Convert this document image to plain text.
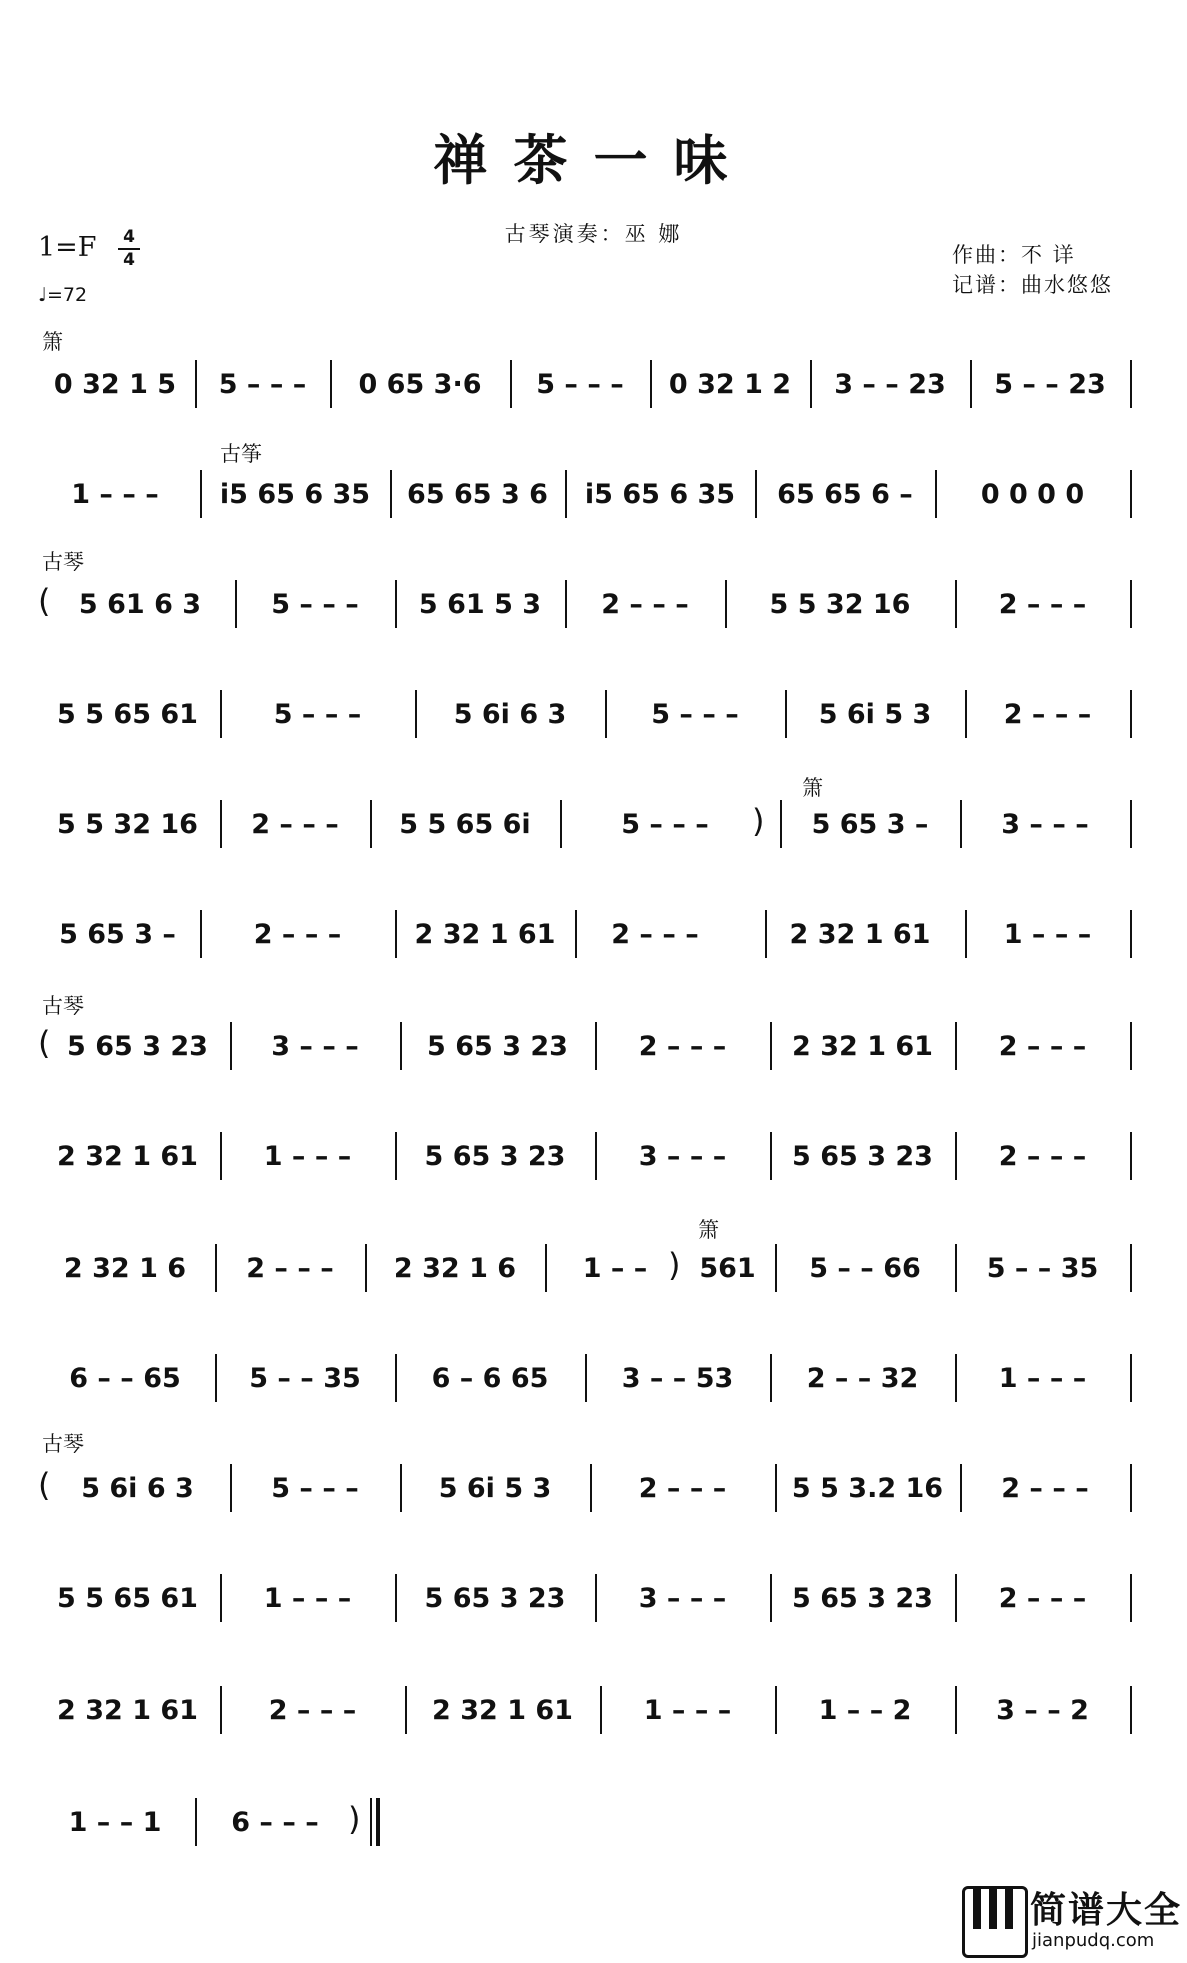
禅茶一味
古琴演奏：巫 娜
1=F 4
4
♩=72
作曲：不 详
记谱：曲水悠悠
箫
古筝
古琴
箫
古琴
箫
古琴
0 32 1 5	5 – – –	0 65 3·6	5 – – –	0 32 1 2	3 – – 23	5 – – 23
1 – – –	i5 65 6 35	65 65 3 6	i5 65 6 35	65 65 6 –	0 0 0 0
(	5 61 6 3	5 – – –	5 61 5 3	2 – – –	5 5 32 16	2 – – –
5 5 65 61	5 – – –	5 6i 6 3	5 – – –	5 6i 5 3	2 – – –
5 5 32 16	2 – – –	5 5 65 6i	5 – – –	)	5 65 3 –	3 – – –
5 65 3 –	2 – – –	2 32 1 61	2 – – –	2 32 1 61	1 – – –
( 5 65 3 23	3 – – –	5 65 3 23	2 – – –	2 32 1 61	2 – – –
2 32 1 61	1 – – –	5 65 3 23	3 – – –	5 65 3 23	2 – – –
2 32 1 6	2 – – –	2 32 1 6	1 – – ) 561	5 – – 66	5 – – 35
6 – – 65	5 – – 35	6 – 6 65	3 – – 53	2 – – 32	1 – – –
(	5 6i 6 3	5 – – –	5 6i 5 3	2 – – –	5 5 3.2 16	2 – – –
5 5 65 61	1 – – –	5 65 3 23	3 – – –	5 65 3 23	2 – – –
2 32 1 61	2 – – –	2 32 1 61	1 – – –	1 – – 2	3 – – 2
1 – – 1	6 – – – )
简谱大全
jianpudq.com
